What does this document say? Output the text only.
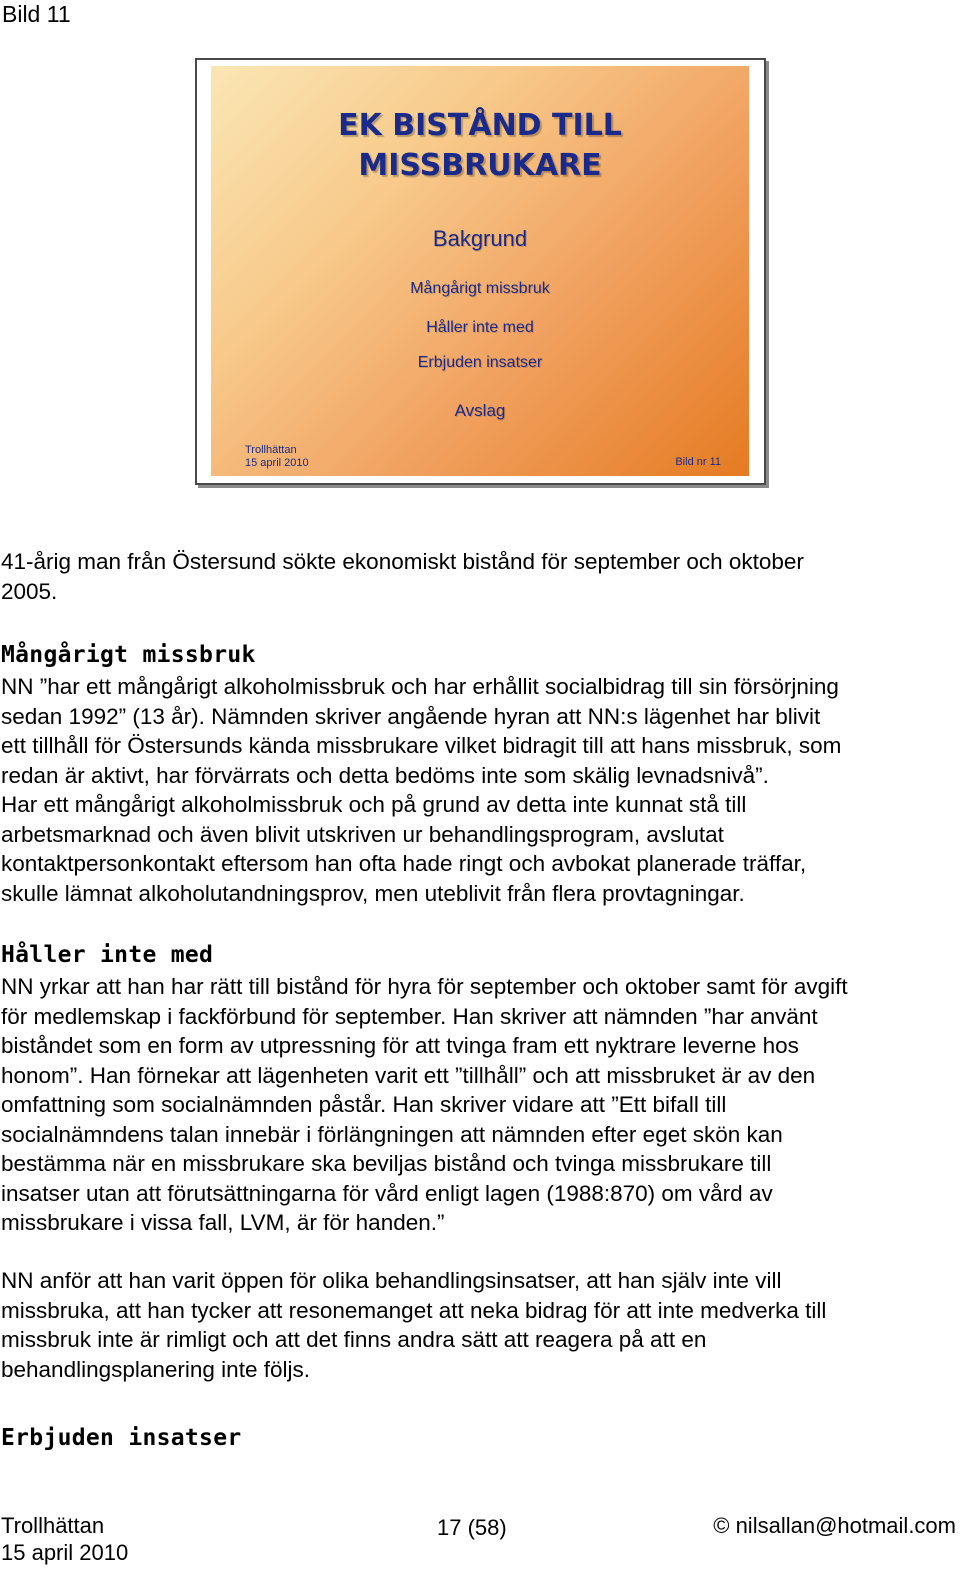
Bild 11
EK BISTÅND TILL
MISSBRUKARE
Bakgrund
Mångårigt missbruk
Håller inte med
Erbjuden insatser
Avslag
Trollhättan
15 april 2010	Bild nr 11
41-årig man från Östersund sökte ekonomiskt bistånd för september och oktober
2005.
Mångårigt missbruk
NN ”har ett mångårigt alkoholmissbruk och har erhållit socialbidrag till sin försörjning
sedan 1992” (13 år). Nämnden skriver angående hyran att NN:s lägenhet har blivit
ett tillhåll för Östersunds kända missbrukare vilket bidragit till att hans missbruk, som
redan är aktivt, har förvärrats och detta bedöms inte som skälig levnadsnivå”.
Har ett mångårigt alkoholmissbruk och på grund av detta inte kunnat stå till
arbetsmarknad och även blivit utskriven ur behandlingsprogram, avslutat
kontaktpersonkontakt eftersom han ofta hade ringt och avbokat planerade träffar,
skulle lämnat alkoholutandningsprov, men uteblivit från flera provtagningar.
Håller inte med
NN yrkar att han har rätt till bistånd för hyra för september och oktober samt för avgift
för medlemskap i fackförbund för september. Han skriver att nämnden ”har använt
biståndet som en form av utpressning för att tvinga fram ett nyktrare leverne hos
honom”. Han förnekar att lägenheten varit ett ”tillhåll” och att missbruket är av den
omfattning som socialnämnden påstår. Han skriver vidare att ”Ett bifall till
socialnämndens talan innebär i förlängningen att nämnden efter eget skön kan
bestämma när en missbrukare ska beviljas bistånd och tvinga missbrukare till
insatser utan att förutsättningarna för vård enligt lagen (1988:870) om vård av
missbrukare i vissa fall, LVM, är för handen.”
NN anför att han varit öppen för olika behandlingsinsatser, att han själv inte vill
missbruka, att han tycker att resonemanget att neka bidrag för att inte medverka till
missbruk inte är rimligt och att det finns andra sätt att reagera på att en
behandlingsplanering inte följs.
Erbjuden insatser
Trollhättan
15 april 2010
17 (58)	© nilsallan@hotmail.com
